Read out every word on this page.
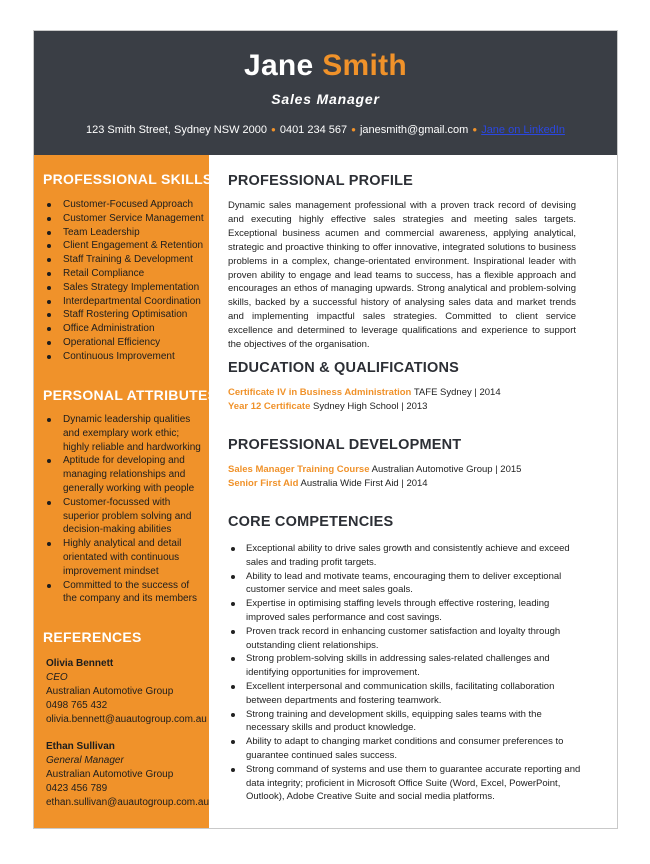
Jane Smith
Sales Manager
123 Smith Street, Sydney NSW 2000 ● 0401 234 567 ● janesmith@gmail.com ● Jane on LinkedIn
PROFESSIONAL SKILLS
Customer-Focused Approach
Customer Service Management
Team Leadership
Client Engagement & Retention
Staff Training & Development
Retail Compliance
Sales Strategy Implementation
Interdepartmental Coordination
Staff Rostering Optimisation
Office Administration
Operational Efficiency
Continuous Improvement
PERSONAL ATTRIBUTES
Dynamic leadership qualities and exemplary work ethic; highly reliable and hardworking
Aptitude for developing and managing relationships and generally working with people
Customer-focussed with superior problem solving and decision-making abilities
Highly analytical and detail orientated with continuous improvement mindset
Committed to the success of the company and its members
REFERENCES
Olivia Bennett
CEO
Australian Automotive Group
0498 765 432
olivia.bennett@auautogroup.com.au
Ethan Sullivan
General Manager
Australian Automotive Group
0423 456 789
ethan.sullivan@auautogroup.com.au
PROFESSIONAL PROFILE

Dynamic sales management professional with a proven track record of devising and executing highly effective sales strategies and meeting sales targets. Exceptional business acumen and commercial awareness, applying analytical, strategic and proactive thinking to offer innovative, integrated solutions to business problems in a complex, change-orientated environment. Inspirational leader with proven ability to engage and lead teams to success, has a flexible approach and encourages an ethos of managing upwards. Strong analytical and problem-solving skills, backed by a successful history of analysing sales data and market trends and implementing impactful sales strategies. Committed to client service excellence and determined to leverage qualifications and experience to support the objectives of the organisation.

EDUCATION & QUALIFICATIONS
Certificate IV in Business Administration TAFE Sydney | 2014
Year 12 Certificate Sydney High School | 2013
PROFESSIONAL DEVELOPMENT
Sales Manager Training Course Australian Automotive Group | 2015
Senior First Aid Australia Wide First Aid | 2014
CORE COMPETENCIES
Exceptional ability to drive sales growth and consistently achieve and exceed sales and trading profit targets.
Ability to lead and motivate teams, encouraging them to deliver exceptional customer service and meet sales goals.
Expertise in optimising staffing levels through effective rostering, leading improved sales performance and cost savings.
Proven track record in enhancing customer satisfaction and loyalty through outstanding client relationships.
Strong problem-solving skills in addressing sales-related challenges and identifying opportunities for improvement.
Excellent interpersonal and communication skills, facilitating collaboration between departments and fostering teamwork.
Strong training and development skills, equipping sales teams with the necessary skills and product knowledge.
Ability to adapt to changing market conditions and consumer preferences to guarantee continued sales success.
Strong command of systems and use them to guarantee accurate reporting and data integrity; proficient in Microsoft Office Suite (Word, Excel, PowerPoint, Outlook), Adobe Creative Suite and social media platforms.
